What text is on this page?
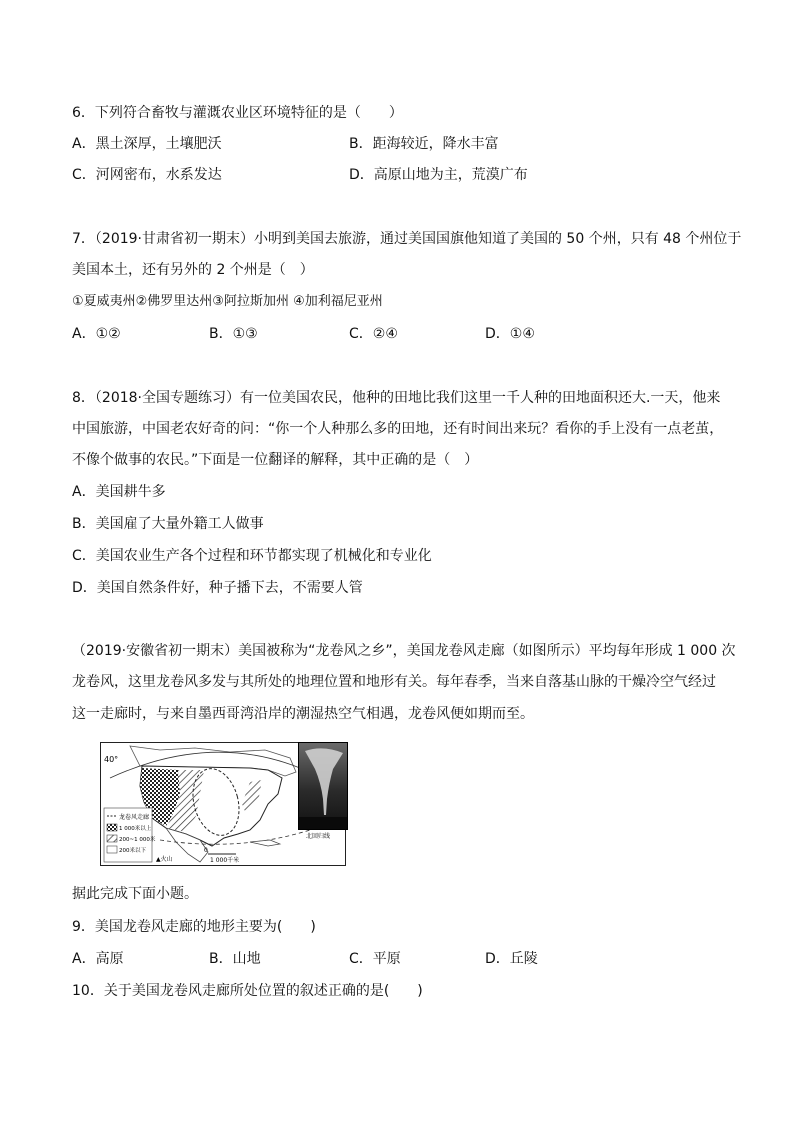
6．下列符合畜牧与灌溉农业区环境特征的是（　　）
A．黑土深厚，土壤肥沃	B．距海较近，降水丰富
C．河网密布，水系发达	D．高原山地为主，荒漠广布
7．（2019·甘肃省初一期末）小明到美国去旅游，通过美国国旗他知道了美国的 50 个州，只有 48 个州位于
美国本土，还有另外的 2 个州是（　）
①夏威夷州②佛罗里达州③阿拉斯加州 ④加利福尼亚州
A．①②	B．①③	C．②④	D．①④
8．（2018·全国专题练习）有一位美国农民，他种的田地比我们这里一千人种的田地面积还大.一天，他来
中国旅游，中国老农好奇的问：“你一个人种那么多的田地，还有时间出来玩？看你的手上没有一点老茧，
不像个做事的农民。”下面是一位翻译的解释，其中正确的是（　）
A．美国耕牛多
B．美国雇了大量外籍工人做事
C．美国农业生产各个过程和环节都实现了机械化和专业化
D．美国自然条件好，种子播下去，不需要人管
（2019·安徽省初一期末）美国被称为“龙卷风之乡”，美国龙卷风走廊（如图所示）平均每年形成 1 000 次
龙卷风，这里龙卷风多发与其所处的地理位置和地形有关。每年春季，当来自落基山脉的干燥冷空气经过
这一走廊时，与来自墨西哥湾沿岸的潮湿热空气相遇，龙卷风便如期而至。
40°
龙卷风走廊
1 000米以上
200~1 000米
200米以下
▲火山
0
1 000千米
北回归线
据此完成下面小题。
9．美国龙卷风走廊的地形主要为(　　)
A．高原	B．山地	C．平原	D．丘陵
10．关于美国龙卷风走廊所处位置的叙述正确的是(　　)
